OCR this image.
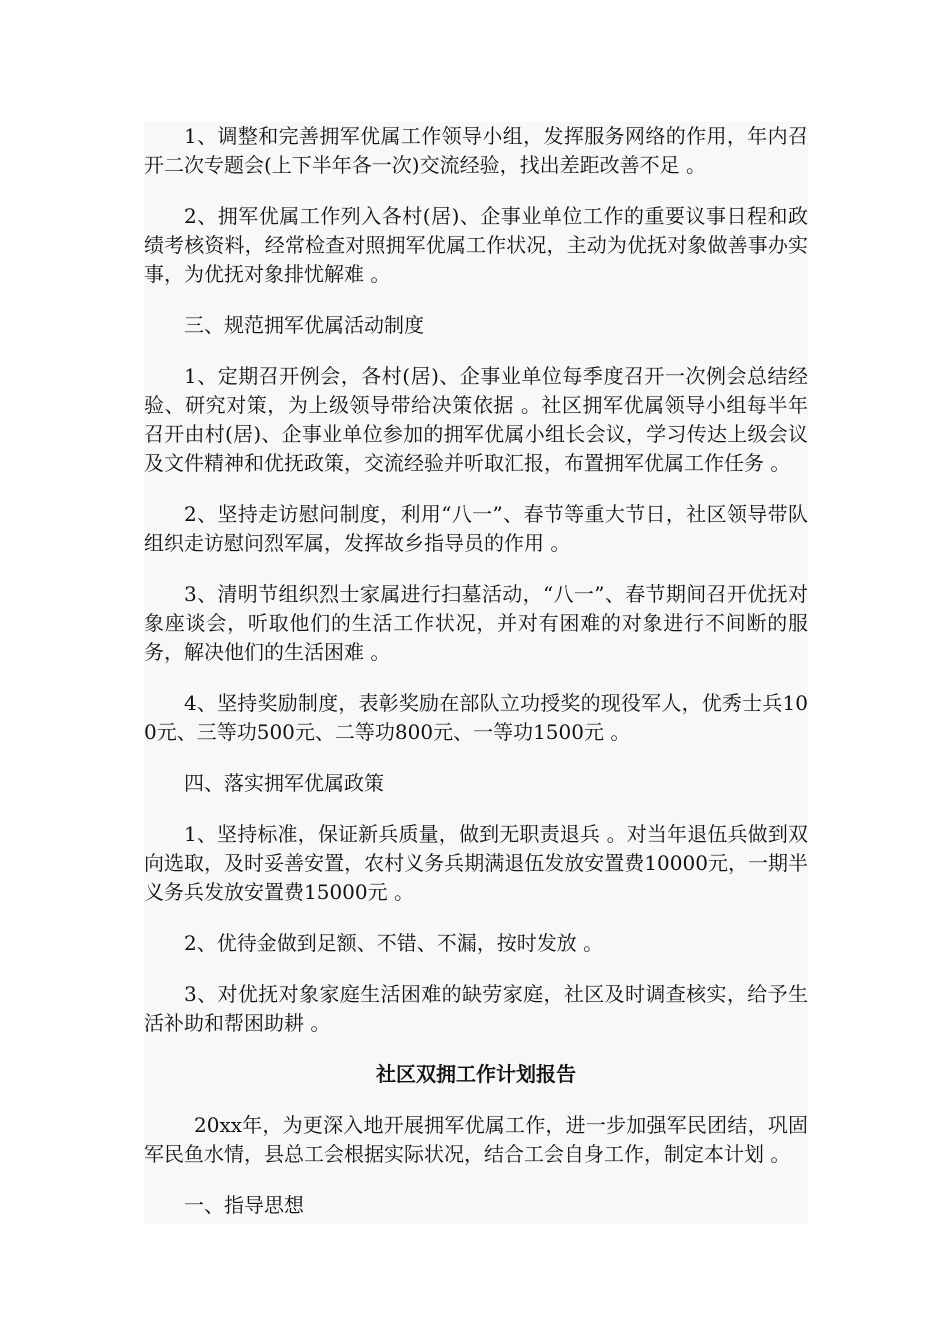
1、调整和完善拥军优属工作领导小组，发挥服务网络的作用，年内召开二次专题会(上下半年各一次)交流经验，找出差距改善不足 。

2、拥军优属工作列入各村(居)、企事业单位工作的重要议事日程和政绩考核资料，经常检查对照拥军优属工作状况，主动为优抚对象做善事办实事，为优抚对象排忧解难 。

三、规范拥军优属活动制度

1、定期召开例会，各村(居)、企事业单位每季度召开一次例会总结经验、研究对策，为上级领导带给决策依据 。社区拥军优属领导小组每半年召开由村(居)、企事业单位参加的拥军优属小组长会议，学习传达上级会议及文件精神和优抚政策，交流经验并听取汇报，布置拥军优属工作任务 。

2、坚持走访慰问制度，利用“八一”、春节等重大节日，社区领导带队组织走访慰问烈军属，发挥故乡指导员的作用 。

3、清明节组织烈士家属进行扫墓活动，“八一”、春节期间召开优抚对象座谈会，听取他们的生活工作状况，并对有困难的对象进行不间断的服务，解决他们的生活困难 。

4、坚持奖励制度，表彰奖励在部队立功授奖的现役军人，优秀士兵100元、三等功500元、二等功800元、一等功1500元 。

四、落实拥军优属政策

1、坚持标准，保证新兵质量，做到无职责退兵 。对当年退伍兵做到双向选取，及时妥善安置，农村义务兵期满退伍发放安置费10000元，一期半义务兵发放安置费15000元 。

2、优待金做到足额、不错、不漏，按时发放 。

3、对优抚对象家庭生活困难的缺劳家庭，社区及时调查核实，给予生活补助和帮困助耕 。

社区双拥工作计划报告

20xx年，为更深入地开展拥军优属工作，进一步加强军民团结，巩固军民鱼水情，县总工会根据实际状况，结合工会自身工作，制定本计划 。

一、指导思想
